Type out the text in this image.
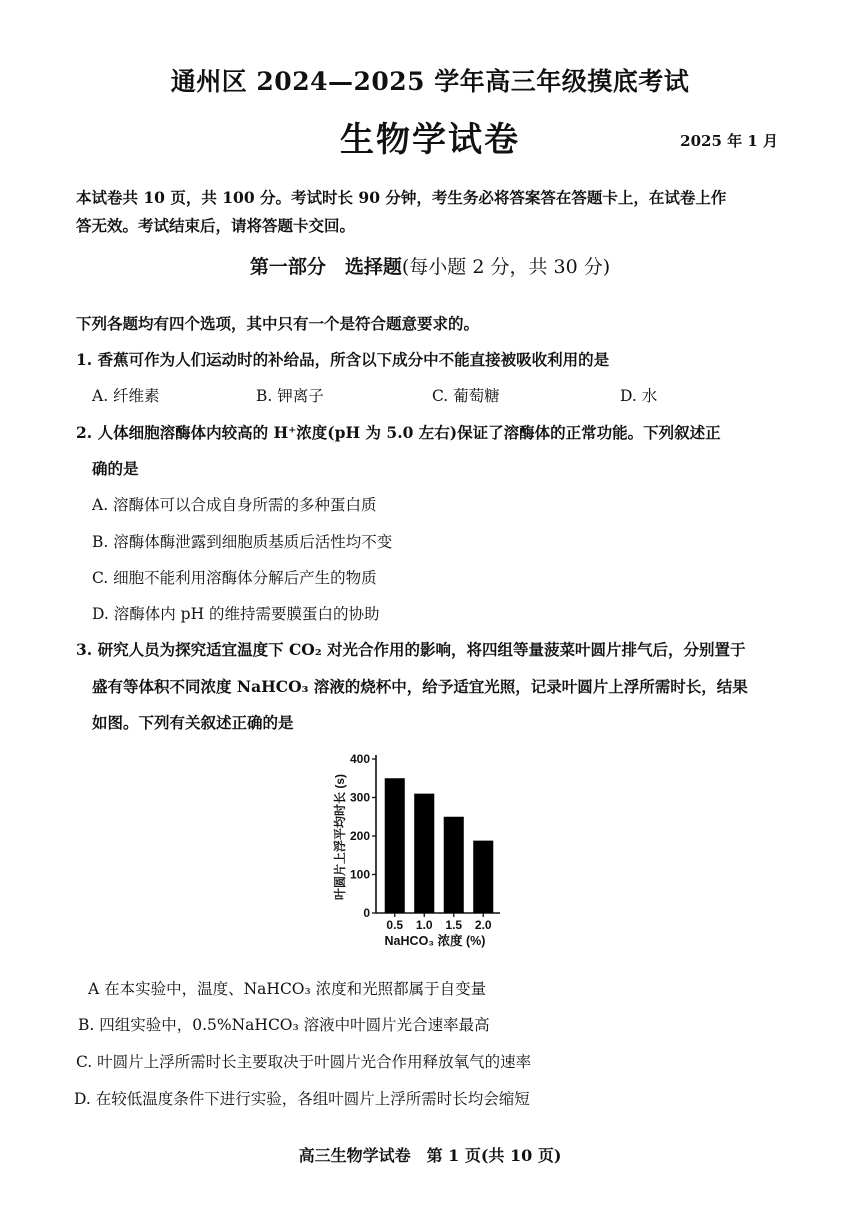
通州区 2024—2025 学年高三年级摸底考试
生物学试卷	2025 年 1 月
本试卷共 10 页，共 100 分。考试时长 90 分钟，考生务必将答案答在答题卡上，在试卷上作
答无效。考试结束后，请将答题卡交回。
第一部分　选择题(每小题 2 分，共 30 分)
下列各题均有四个选项，其中只有一个是符合题意要求的。
1. 香蕉可作为人们运动时的补给品，所含以下成分中不能直接被吸收利用的是
A. 纤维素	B. 钾离子	C. 葡萄糖	D. 水
2. 人体细胞溶酶体内较高的 H⁺浓度(pH 为 5.0 左右)保证了溶酶体的正常功能。下列叙述正
确的是
A. 溶酶体可以合成自身所需的多种蛋白质
B. 溶酶体酶泄露到细胞质基质后活性均不变
C. 细胞不能利用溶酶体分解后产生的物质
D. 溶酶体内 pH 的维持需要膜蛋白的协助
3. 研究人员为探究适宜温度下 CO₂ 对光合作用的影响，将四组等量菠菜叶圆片排气后，分别置于
盛有等体积不同浓度 NaHCO₃ 溶液的烧杯中，给予适宜光照，记录叶圆片上浮所需时长，结果
如图。下列有关叙述正确的是
叶圆片上浮平均时长 (s)
NaHCO₃ 浓度 (%)
0
100
200
300
400
0.5 1.0 1.5 2.0
A 在本实验中，温度、NaHCO₃ 浓度和光照都属于自变量
B. 四组实验中，0.5%NaHCO₃ 溶液中叶圆片光合速率最高
C. 叶圆片上浮所需时长主要取决于叶圆片光合作用释放氧气的速率
D. 在较低温度条件下进行实验，各组叶圆片上浮所需时长均会缩短
高三生物学试卷　第 1 页(共 10 页)
